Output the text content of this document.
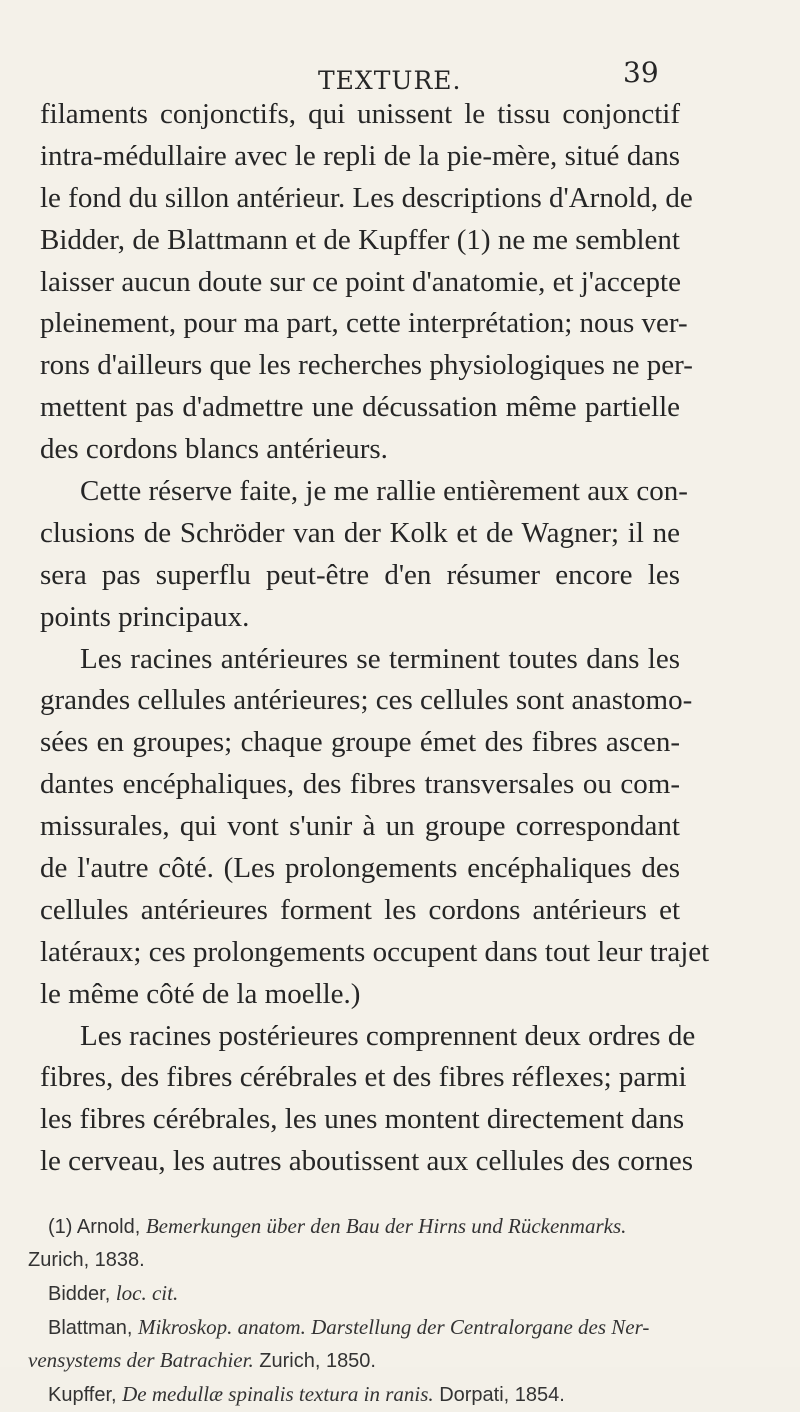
TEXTURE.	39
filaments conjonctifs, qui unissent le tissu conjonctif
intra-médullaire avec le repli de la pie-mère, situé dans
le fond du sillon antérieur. Les descriptions d'Arnold, de
Bidder, de Blattmann et de Kupffer (1) ne me semblent
laisser aucun doute sur ce point d'anatomie, et j'accepte
pleinement, pour ma part, cette interprétation; nous ver-
rons d'ailleurs que les recherches physiologiques ne per-
mettent pas d'admettre une décussation même partielle
des cordons blancs antérieurs.
Cette réserve faite, je me rallie entièrement aux con-
clusions de Schröder van der Kolk et de Wagner; il ne
sera pas superflu peut-être d'en résumer encore les
points principaux.
Les racines antérieures se terminent toutes dans les
grandes cellules antérieures; ces cellules sont anastomo-
sées en groupes; chaque groupe émet des fibres ascen-
dantes encéphaliques, des fibres transversales ou com-
missurales, qui vont s'unir à un groupe correspondant
de l'autre côté. (Les prolongements encéphaliques des
cellules antérieures forment les cordons antérieurs et
latéraux; ces prolongements occupent dans tout leur trajet
le même côté de la moelle.)
Les racines postérieures comprennent deux ordres de
fibres, des fibres cérébrales et des fibres réflexes; parmi
les fibres cérébrales, les unes montent directement dans
le cerveau, les autres aboutissent aux cellules des cornes
(1) Arnold, Bemerkungen über den Bau der Hirns und Rückenmarks.
Zurich, 1838.
Bidder, loc. cit.
Blattman, Mikroskop. anatom. Darstellung der Centralorgane des Ner-
vensystems der Batrachier. Zurich, 1850.
Kupffer, De medullæ spinalis textura in ranis. Dorpati, 1854.
